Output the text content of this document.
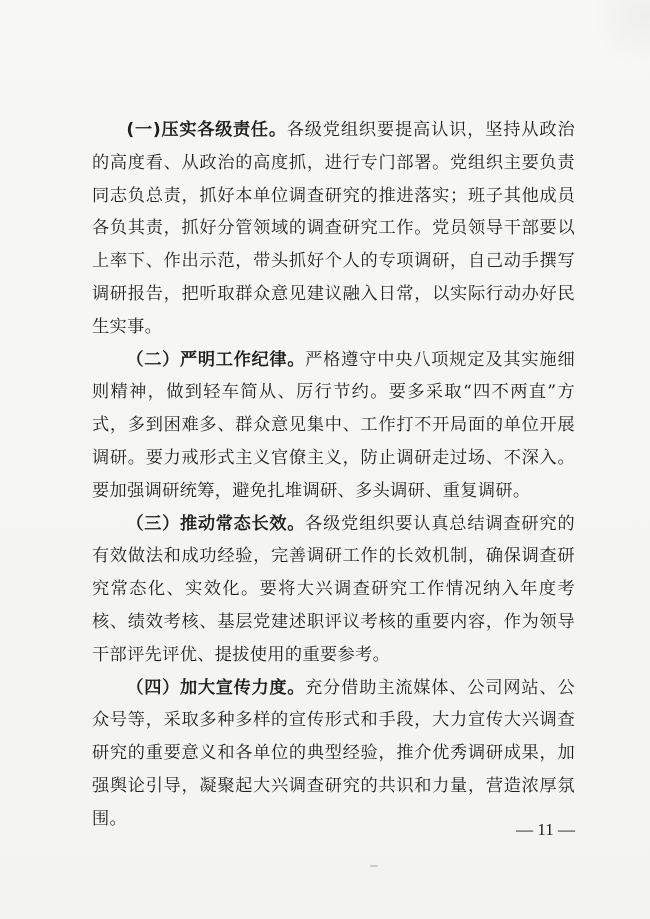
(一)压实各级责任。各级党组织要提高认识，坚持从政治的高度看、从政治的高度抓，进行专门部署。党组织主要负责同志负总责，抓好本单位调查研究的推进落实；班子其他成员各负其责，抓好分管领域的调查研究工作。党员领导干部要以上率下、作出示范，带头抓好个人的专项调研，自己动手撰写调研报告，把听取群众意见建议融入日常，以实际行动办好民生实事。

（二）严明工作纪律。严格遵守中央八项规定及其实施细则精神，做到轻车简从、厉行节约。要多采取“四不两直”方式，多到困难多、群众意见集中、工作打不开局面的单位开展调研。要力戒形式主义官僚主义，防止调研走过场、不深入。要加强调研统筹，避免扎堆调研、多头调研、重复调研。

（三）推动常态长效。各级党组织要认真总结调查研究的有效做法和成功经验，完善调研工作的长效机制，确保调查研究常态化、实效化。要将大兴调查研究工作情况纳入年度考核、绩效考核、基层党建述职评议考核的重要内容，作为领导干部评先评优、提拔使用的重要参考。

（四）加大宣传力度。充分借助主流媒体、公司网站、公众号等，采取多种多样的宣传形式和手段，大力宣传大兴调查研究的重要意义和各单位的典型经验，推介优秀调研成果，加强舆论引导，凝聚起大兴调查研究的共识和力量，营造浓厚氛围。

— 11 —
